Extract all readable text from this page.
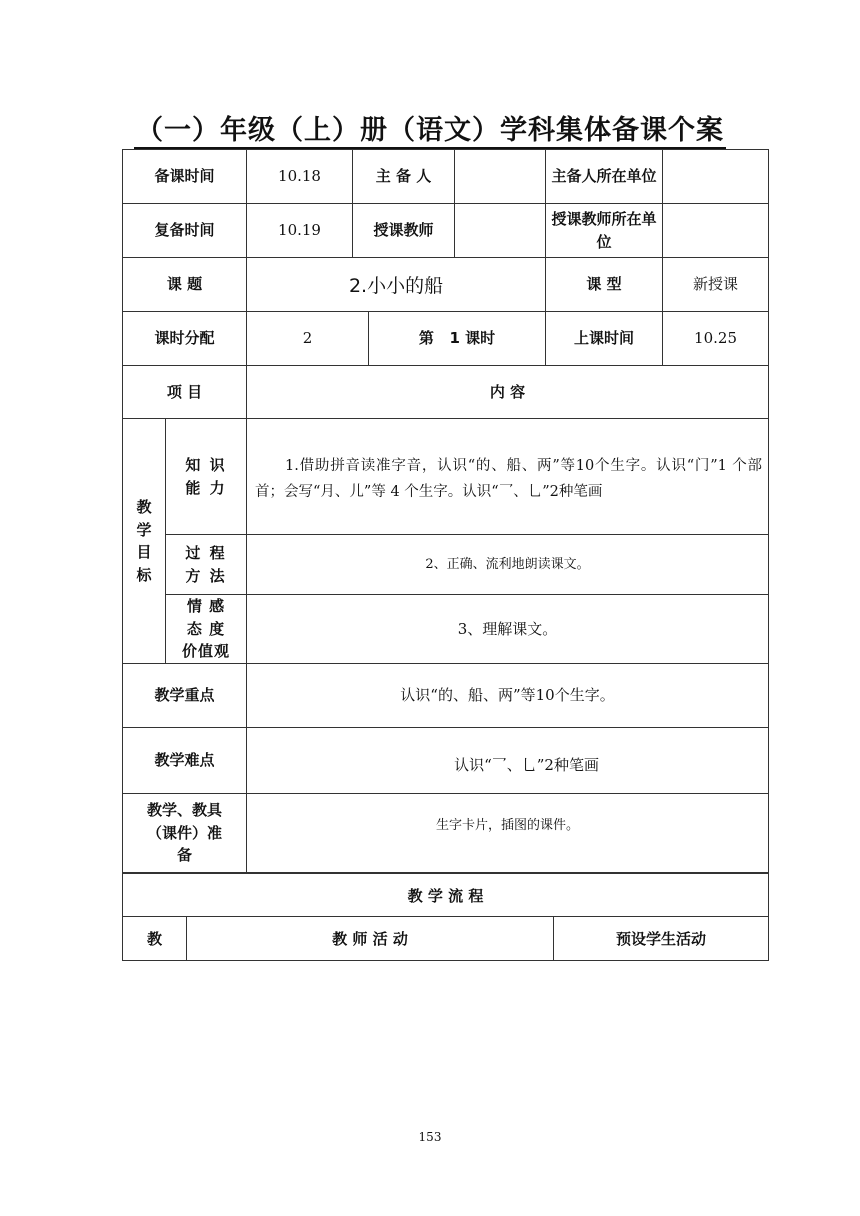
（一）年级（上）册（语文）学科集体备课个案
备课时间		10.18	主 备 人			主备人所在单位	
复备时间		10.19	授课教师			授课教师所在单位	
课 题		2.小小的船				课 型	新授课
课时分配		2		第   1 课时		上课时间	10.25
项 目		内 容					
教学目标	知 识 能 力	1.借助拼音读准字音，认识“的、船、两”等10个生字。认识“门”1 个部首；会写“月、儿”等 4 个生字。认识“乛、乚”2种笔画					
	过 程 方 法	2、正确、流利地朗读课文。					
	情 感 态 度 价值观	3、理解课文。					
教学重点		认识“的、船、两”等10个生字。					
教学难点		认识“乛、乚”2种笔画					
教学、教具（课件）准 备		生字卡片，插图的课件。					
教 学 流 程
教	教 师 活 动	预设学生活动
153
